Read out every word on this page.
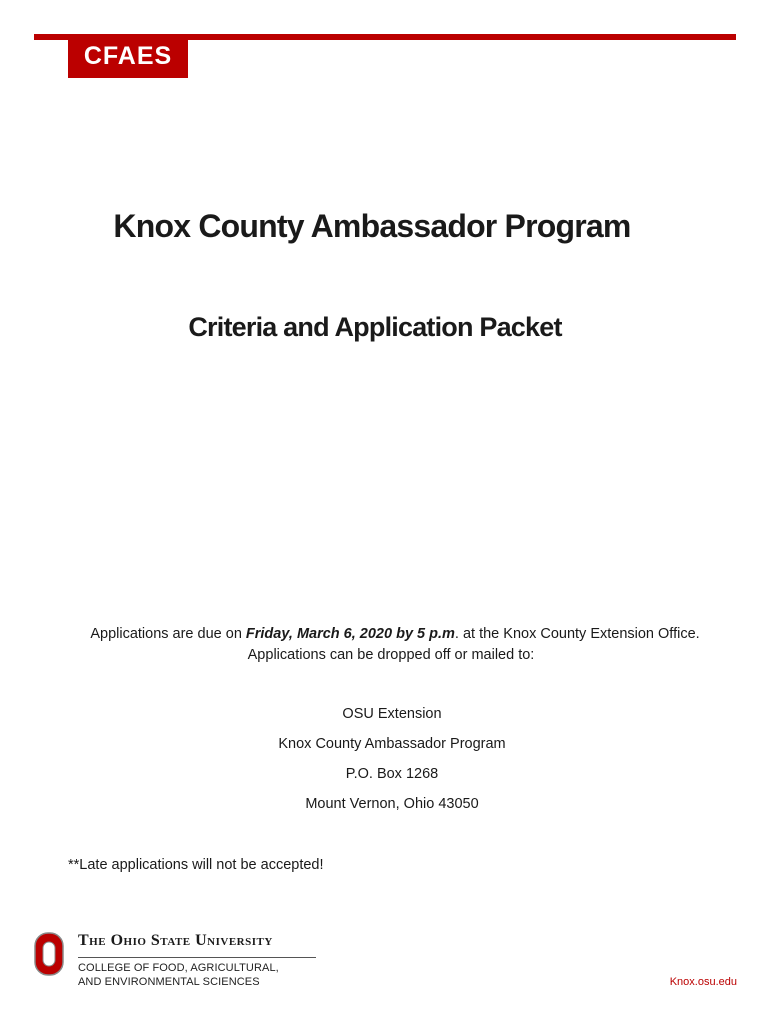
CFAES
Knox County Ambassador Program
Criteria and Application Packet
Applications are due on Friday, March 6, 2020 by 5 p.m. at the Knox County Extension Office.
Applications can be dropped off or mailed to:
OSU Extension
Knox County Ambassador Program
P.O. Box 1268
Mount Vernon, Ohio 43050
**Late applications will not be accepted!
The Ohio State University
COLLEGE OF FOOD, AGRICULTURAL,
AND ENVIRONMENTAL SCIENCES	Knox.osu.edu
